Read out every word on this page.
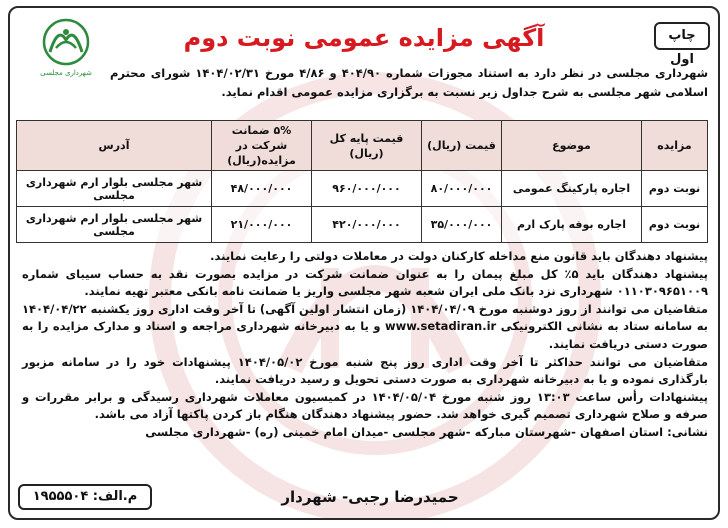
چاپ اول
آگهی مزایده عمومی نوبت دوم
شهرداری مجلسی شهرداری مجلسی در نظر دارد به استناد مجوزات شماره ۴۰۴/۹۰ و ۴/۸۶ مورخ ۱۴۰۴/۰۲/۳۱ شورای محترم اسلامی شهر مجلسی به شرح جداول زیر نسبت به برگزاری مزایده عمومی اقدام نماید.
مزایده	موضوع	قیمت (ریال)	قیمت پایه کل (ریال)	۵% ضمانت شرکت در مزایده(ریال)	آدرس
نوبت دوم	اجاره پارکینگ عمومی	۸۰/۰۰۰/۰۰۰	۹۶۰/۰۰۰/۰۰۰	۴۸/۰۰۰/۰۰۰	شهر مجلسی بلوار ارم شهرداری مجلسی
نوبت دوم	اجاره بوفه پارک ارم	۳۵/۰۰۰/۰۰۰	۴۲۰/۰۰۰/۰۰۰	۲۱/۰۰۰/۰۰۰	شهر مجلسی بلوار ارم شهرداری مجلسی

پیشنهاد دهندگان باید قانون منع مداخله کارکنان دولت در معاملات دولتی را رعایت نمایند.

پیشنهاد دهندگان باید ۵٪ کل مبلغ پیمان را به عنوان ضمانت شرکت در مزایده بصورت نقد به حساب سیبای شماره ۰۱۱۰۳۰۹۶۵۱۰۰۹ شهرداری نزد بانک ملی ایران شعبه شهر مجلسی واریز یا ضمانت نامه بانکی معتبر تهیه نمایند.

متقاضیان می توانند از روز دوشنبه مورخ ۱۴۰۴/۰۴/۰۹ (زمان انتشار اولین آگهی) تا آخر وقت اداری روز یکشنبه ۱۴۰۴/۰۴/۲۲ به سامانه ستاد به نشانی الکترونیکی www.setadiran.ir و یا به دبیرخانه شهرداری مراجعه و اسناد و مدارک مزایده را به صورت دستی دریافت نمایند.

متقاضیان می توانند حداکثر تا آخر وقت اداری روز پنج شنبه مورخ ۱۴۰۴/۰۵/۰۲ پیشنهادات خود را در سامانه مزبور بارگذاری نموده و یا به دبیرخانه شهرداری به صورت دستی تحویل و رسید دریافت نمایند.

پیشنهادات رأس ساعت ۱۳:۰۳ روز شنبه مورخ ۱۴۰۴/۰۵/۰۴ در کمیسیون معاملات شهرداری رسیدگی و برابر مقررات و صرفه و صلاح شهرداری تصمیم گیری خواهد شد. حضور پیشنهاد دهندگان هنگام باز کردن پاکتها آزاد می باشد.

نشانی: استان اصفهان -شهرستان مبارکه -شهر مجلسی -میدان امام خمینی (ره) -شهرداری مجلسی

حمیدرضا رجبی- شهردار
م.الف: ۱۹۵۵۵۰۴
